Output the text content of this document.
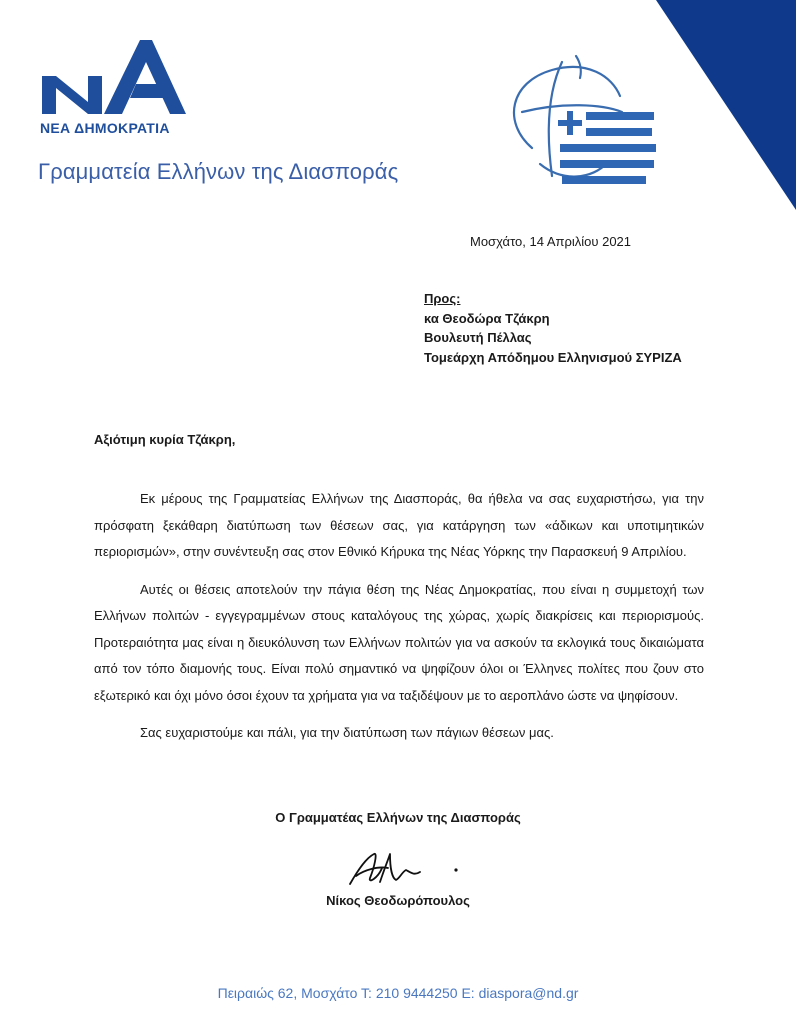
ΝΕΑ ΔΗΜΟΚΡΑΤΙΑ
Γραμματεία Ελλήνων της Διασποράς
Μοσχάτο, 14 Απριλίου 2021
Προς:
κα Θεοδώρα Τζάκρη
Βουλευτή Πέλλας
Τομεάρχη Απόδημου Ελληνισμού ΣΥΡΙΖΑ
Αξιότιμη κυρία Τζάκρη,

Εκ μέρους της Γραμματείας Ελλήνων της Διασποράς, θα ήθελα να σας ευχαριστήσω, για την πρόσφατη ξεκάθαρη διατύπωση των θέσεων σας, για κατάργηση των «άδικων και υποτιμητικών περιορισμών», στην συνέντευξη σας στον Εθνικό Κήρυκα της Νέας Υόρκης την Παρασκευή 9 Απριλίου.

Αυτές οι θέσεις αποτελούν την πάγια θέση της Νέας Δημοκρατίας, που είναι η συμμετοχή των Ελλήνων πολιτών - εγγεγραμμένων στους καταλόγους της χώρας, χωρίς διακρίσεις και περιορισμούς. Προτεραιότητα μας είναι η διευκόλυνση των Ελλήνων πολιτών για να ασκούν τα εκλογικά τους δικαιώματα από τον τόπο διαμονής τους. Είναι πολύ σημαντικό να ψηφίζουν όλοι οι Έλληνες πολίτες που ζουν στο εξωτερικό και όχι μόνο όσοι έχουν τα χρήματα για να ταξιδέψουν με το αεροπλάνο ώστε να ψηφίσουν.

Σας ευχαριστούμε και πάλι, για την διατύπωση των πάγιων θέσεων μας.

Ο Γραμματέας Ελλήνων της Διασποράς
Νίκος Θεοδωρόπουλος
Πειραιώς 62, Μοσχάτο Τ: 210 9444250 Ε: diaspora@nd.gr
